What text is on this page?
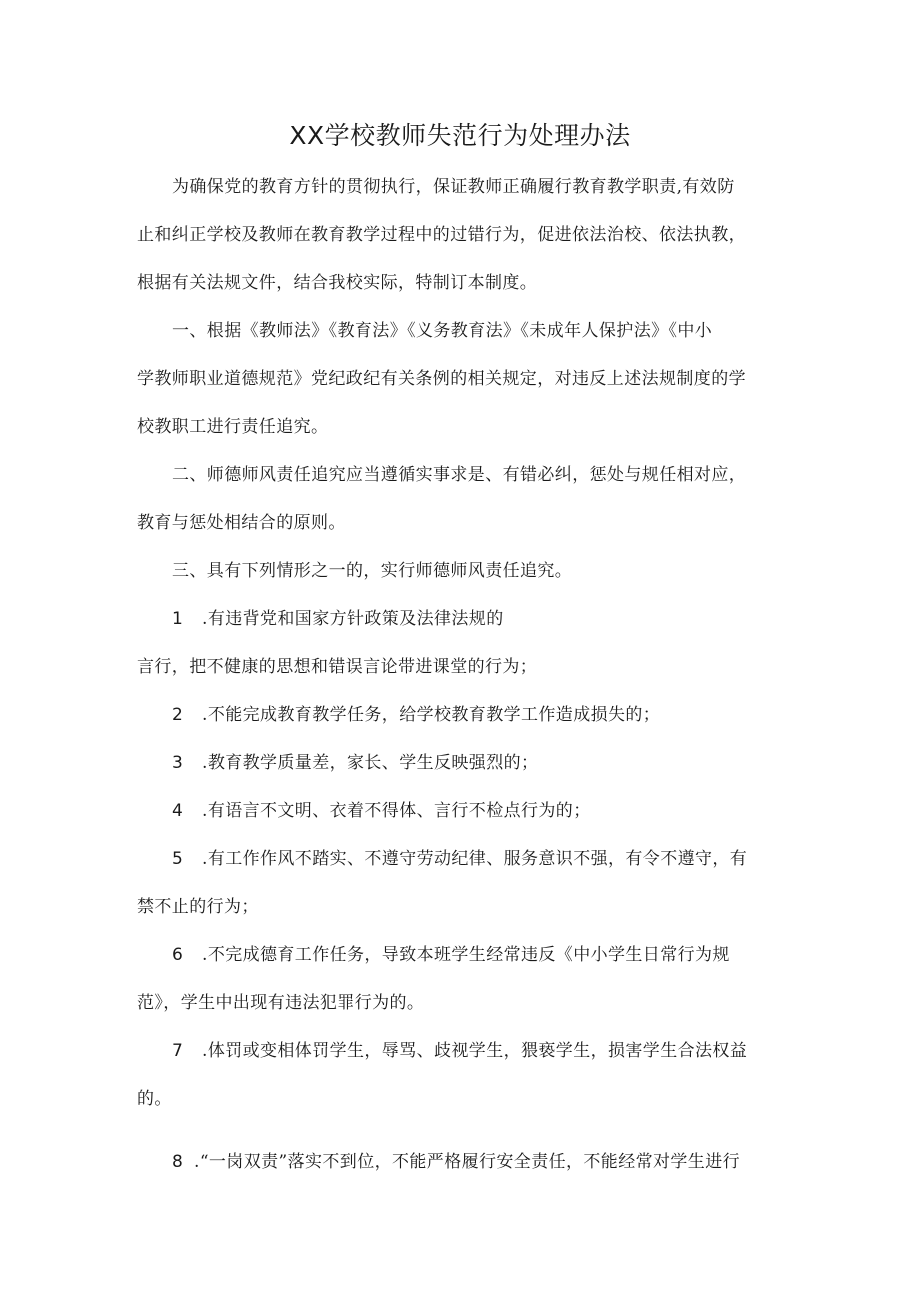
XX学校教师失范行为处理办法
为确保党的教育方针的贯彻执行，保证教师正确履行教育教学职责,有效防
止和纠正学校及教师在教育教学过程中的过错行为，促进依法治校、依法执教，
根据有关法规文件，结合我校实际，特制订本制度。
一、根据《教师法》《教育法》《义务教育法》《未成年人保护法》《中小
学教师职业道德规范》党纪政纪有关条例的相关规定，对违反上述法规制度的学
校教职工进行责任追究。
二、师德师风责任追究应当遵循实事求是、有错必纠，惩处与规任相对应，
教育与惩处相结合的原则。
三、具有下列情形之一的，实行师德师风责任追究。
1 .有违背党和国家方针政策及法律法规的
言行，把不健康的思想和错误言论带进课堂的行为；
2 .不能完成教育教学任务，给学校教育教学工作造成损失的；
3 .教育教学质量差，家长、学生反映强烈的；
4 .有语言不文明、衣着不得体、言行不检点行为的；
5 .有工作作风不踏实、不遵守劳动纪律、服务意识不强，有令不遵守，有
禁不止的行为；
6 .不完成德育工作任务，导致本班学生经常违反《中小学生日常行为规
范》，学生中出现有违法犯罪行为的。
7 .体罚或变相体罚学生，辱骂、歧视学生，猥亵学生，损害学生合法权益
的。
8 .“一岗双责”落实不到位，不能严格履行安全责任，不能经常对学生进行
